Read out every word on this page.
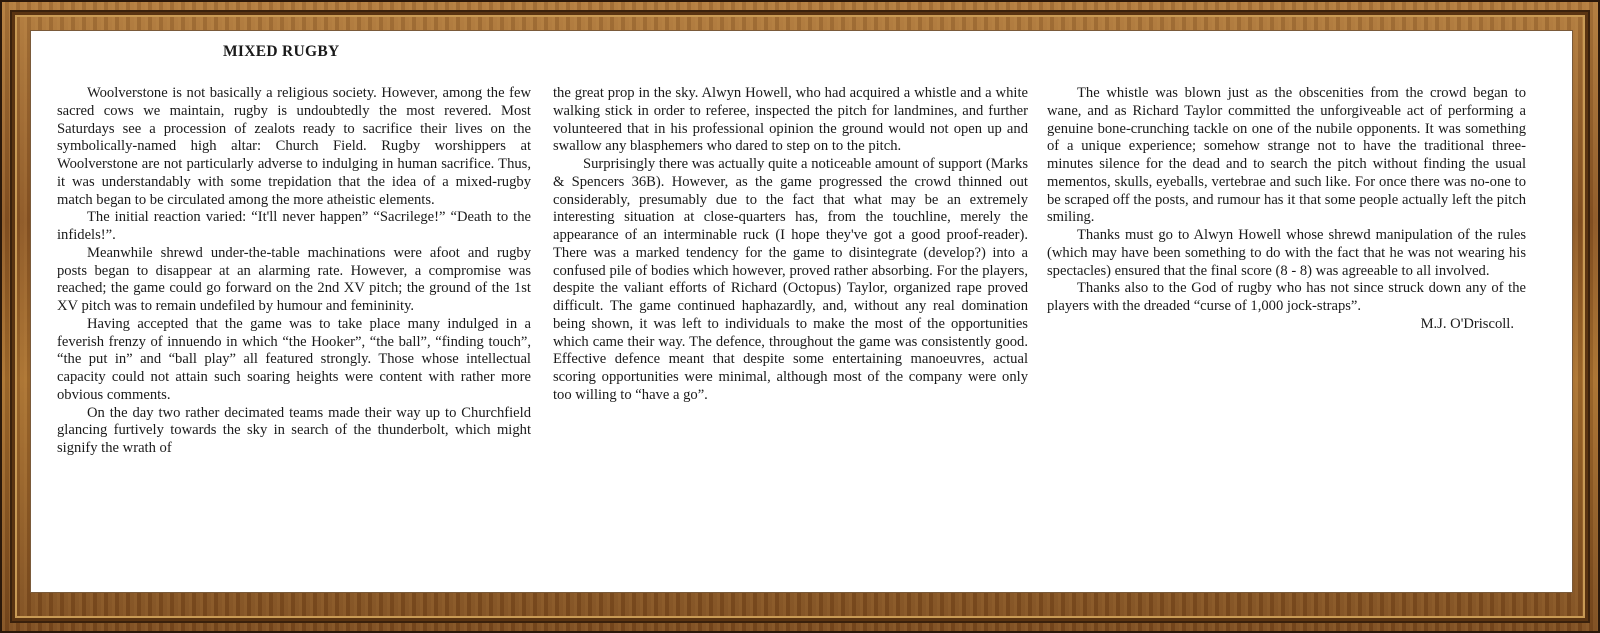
MIXED RUGBY

Woolverstone is not basically a religious society. However, among the few sacred cows we maintain, rugby is undoubtedly the most revered. Most Saturdays see a procession of zealots ready to sacrifice their lives on the symbolically-named high altar: Church Field. Rugby worshippers at Woolverstone are not particularly adverse to indulging in human sacrifice. Thus, it was understandably with some trepidation that the idea of a mixed-rugby match began to be circulated among the more atheistic elements.

The initial reaction varied: “It'll never happen” “Sacrilege!” “Death to the infidels!”.

Meanwhile shrewd under-the-table machinations were afoot and rugby posts began to disappear at an alarming rate. However, a compromise was reached; the game could go forward on the 2nd XV pitch; the ground of the 1st XV pitch was to remain undefiled by humour and femininity.

Having accepted that the game was to take place many indulged in a feverish frenzy of innuendo in which “the Hooker”, “the ball”, “finding touch”, “the put in” and “ball play” all featured strongly. Those whose intellectual capacity could not attain such soaring heights were content with rather more obvious comments.

On the day two rather decimated teams made their way up to Churchfield glancing furtively towards the sky in search of the thunderbolt, which might signify the wrath of

the great prop in the sky. Alwyn Howell, who had acquired a whistle and a white walking stick in order to referee, inspected the pitch for landmines, and further volunteered that in his professional opinion the ground would not open up and swallow any blasphemers who dared to step on to the pitch.

Surprisingly there was actually quite a noticeable amount of support (Marks & Spencers 36B). However, as the game progressed the crowd thinned out considerably, presumably due to the fact that what may be an extremely interesting situation at close-quarters has, from the touchline, merely the appearance of an interminable ruck (I hope they've got a good proof-reader). There was a marked tendency for the game to disintegrate (develop?) into a confused pile of bodies which however, proved rather absorbing. For the players, despite the valiant efforts of Richard (Octopus) Taylor, organized rape proved difficult. The game continued haphazardly, and, without any real domination being shown, it was left to individuals to make the most of the opportunities which came their way. The defence, throughout the game was consistently good. Effective defence meant that despite some entertaining manoeuvres, actual scoring opportunities were minimal, although most of the company were only too willing to “have a go”.

The whistle was blown just as the obscenities from the crowd began to wane, and as Richard Taylor committed the unforgiveable act of performing a genuine bone-crunching tackle on one of the nubile opponents. It was something of a unique experience; somehow strange not to have the traditional three-minutes silence for the dead and to search the pitch without finding the usual mementos, skulls, eyeballs, vertebrae and such like. For once there was no-one to be scraped off the posts, and rumour has it that some people actually left the pitch smiling.

Thanks must go to Alwyn Howell whose shrewd manipulation of the rules (which may have been something to do with the fact that he was not wearing his spectacles) ensured that the final score (8 - 8) was agreeable to all involved.

Thanks also to the God of rugby who has not since struck down any of the players with the dreaded “curse of 1,000 jock-straps”.

M.J. O'Driscoll.
